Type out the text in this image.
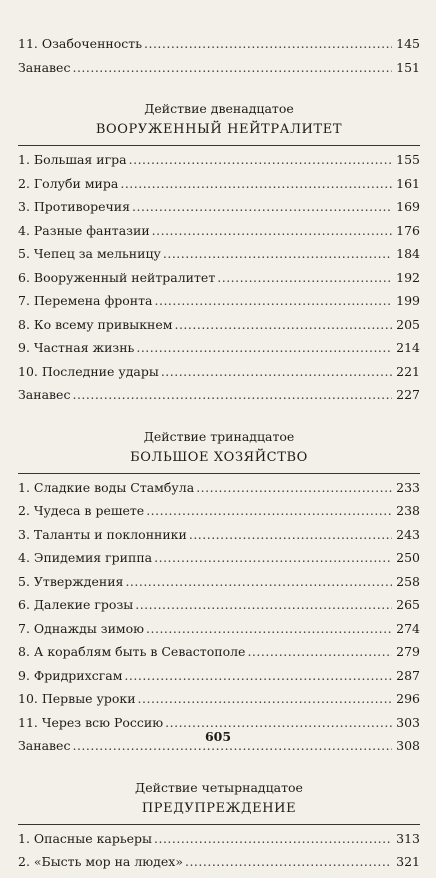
11. Озабоченность .....	145
Занавес .....	151
Действие двенадцатое
ВООРУЖЕННЫЙ НЕЙТРАЛИТЕТ
1. Большая игра .....	155
2. Голуби мира .....	161
3. Противоречия .....	169
4. Разные фантазии .....	176
5. Чепец за мельницу .....	184
6. Вооруженный нейтралитет .....	192
7. Перемена фронта .....	199
8. Ко всему привыкнем .....	205
9. Частная жизнь .....	214
10. Последние удары .....	221
Занавес .....	227
Действие тринадцатое
БОЛЬШОЕ ХОЗЯЙСТВО
1. Сладкие воды Стамбула .....	233
2. Чудеса в решете .....	238
3. Таланты и поклонники .....	243
4. Эпидемия гриппа .....	250
5. Утверждения .....	258
6. Далекие грозы .....	265
7. Однажды зимою .....	274
8. А кораблям быть в Севастополе .....	279
9. Фридрихсгам .....	287
10. Первые уроки .....	296
11. Через всю Россию .....	303
Занавес .....	308
Действие четырнадцатое
ПРЕДУПРЕЖДЕНИЕ
1. Опасные карьеры .....	313
2. «Бысть мор на людех» .....	321
605
